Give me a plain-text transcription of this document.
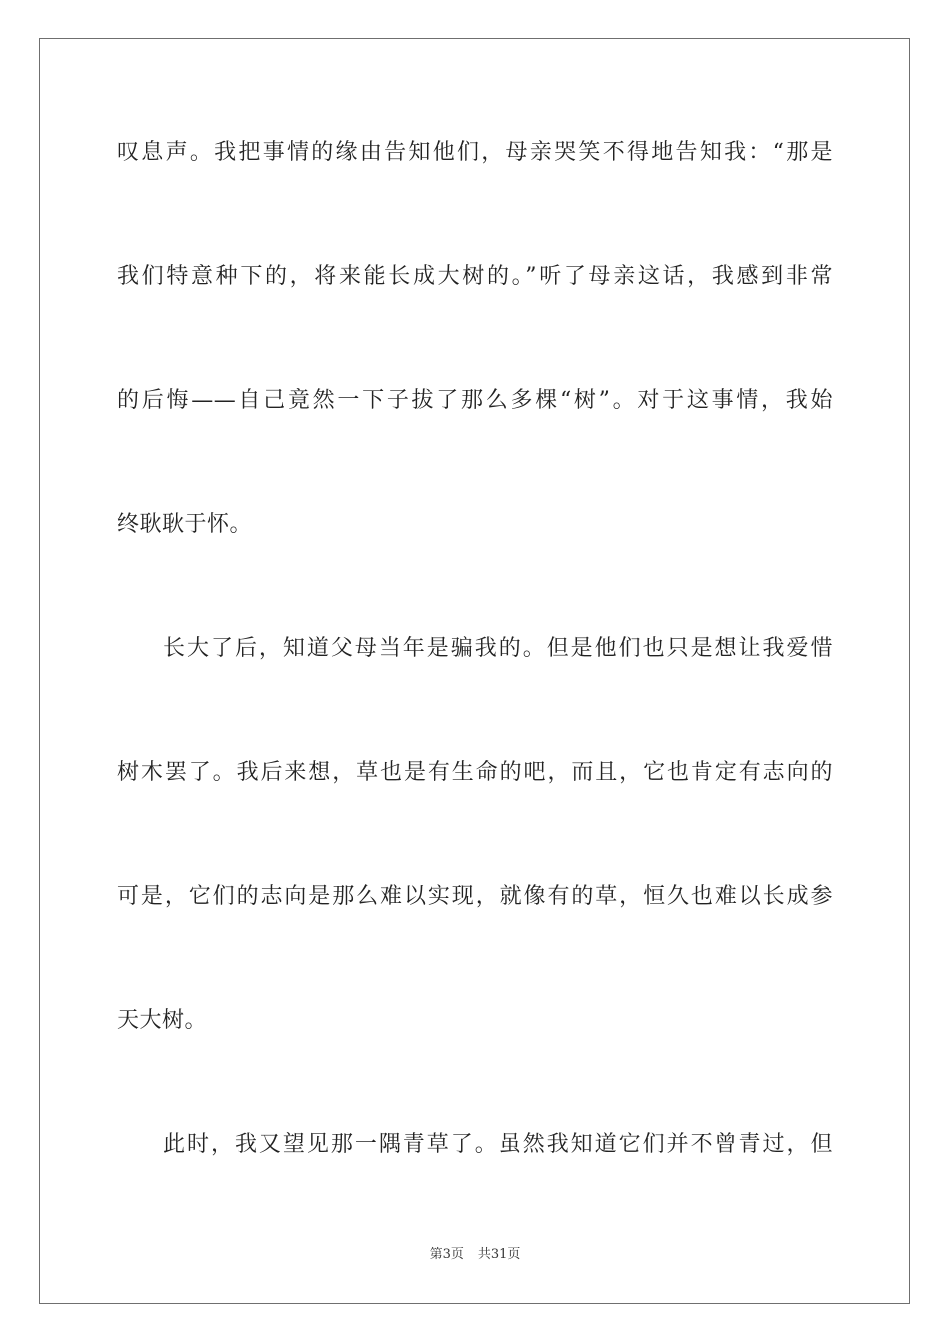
叹息声。我把事情的缘由告知他们，母亲哭笑不得地告知我：“那是
我们特意种下的，将来能长成大树的。”听了母亲这话，我感到非常
的后悔——自己竟然一下子拔了那么多棵“树”。对于这事情，我始
终耿耿于怀。
长大了后，知道父母当年是骗我的。但是他们也只是想让我爱惜
树木罢了。我后来想，草也是有生命的吧，而且，它也肯定有志向的
可是，它们的志向是那么难以实现，就像有的草，恒久也难以长成参
天大树。
此时，我又望见那一隅青草了。虽然我知道它们并不曾青过，但
第3页 共31页
